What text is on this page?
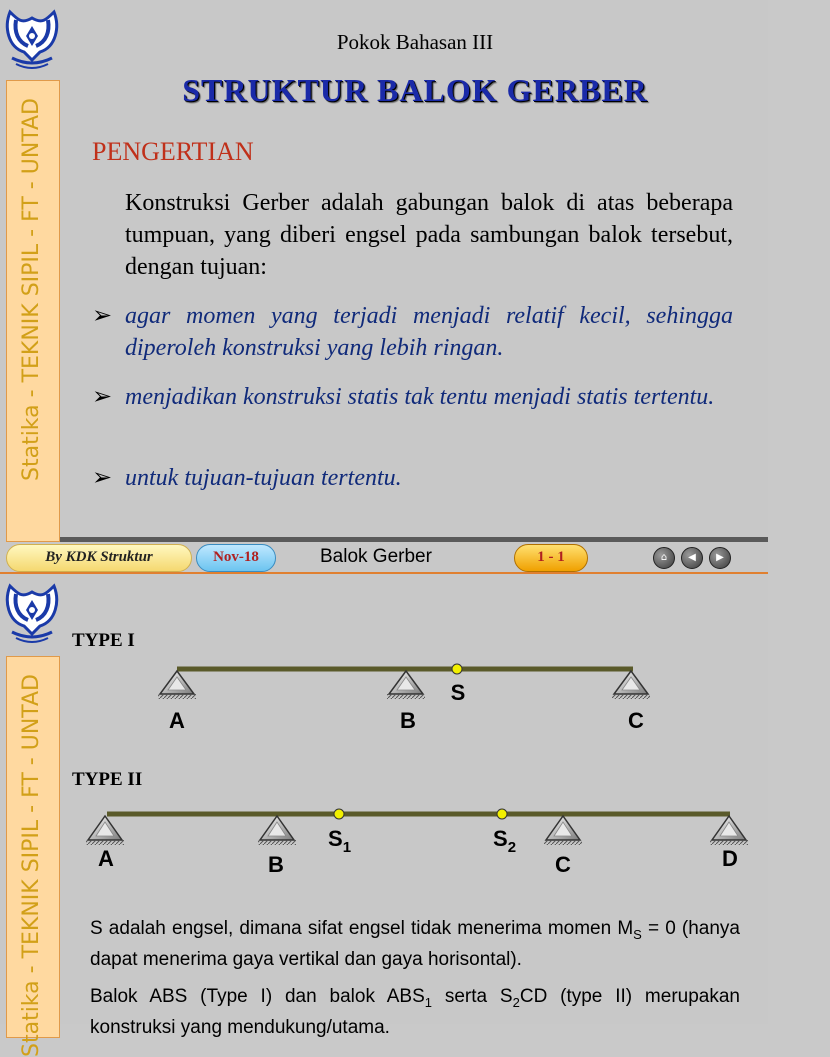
Statika - TEKNIK SIPIL - FT - UNTAD
Pokok Bahasan III
STRUKTUR BALOK GERBER
PENGERTIAN
Konstruksi Gerber adalah gabungan balok di atas beberapa tumpuan, yang diberi engsel pada sambungan balok tersebut, dengan tujuan:
➢ agar momen yang terjadi menjadi relatif kecil, sehingga diperoleh konstruksi yang lebih ringan.
➢ menjadikan konstruksi statis tak tentu menjadi statis tertentu.
➢ untuk tujuan-tujuan tertentu.
By KDK Struktur	Nov-18	Balok Gerber	1 - 1	⌂	◀	▶
Statika - TEKNIK SIPIL - FT - UNTAD
TYPE I
A	B	C
S
TYPE II
A	B	C	D
$S_1$	$S_2$
S adalah engsel, dimana sifat engsel tidak menerima momen $M_S = 0$ (hanya dapat menerima gaya vertikal dan gaya horisontal).
Balok ABS (Type I) dan balok $ABS_1$ serta $S_2CD$ (type II) merupakan konstruksi yang mendukung/utama.
